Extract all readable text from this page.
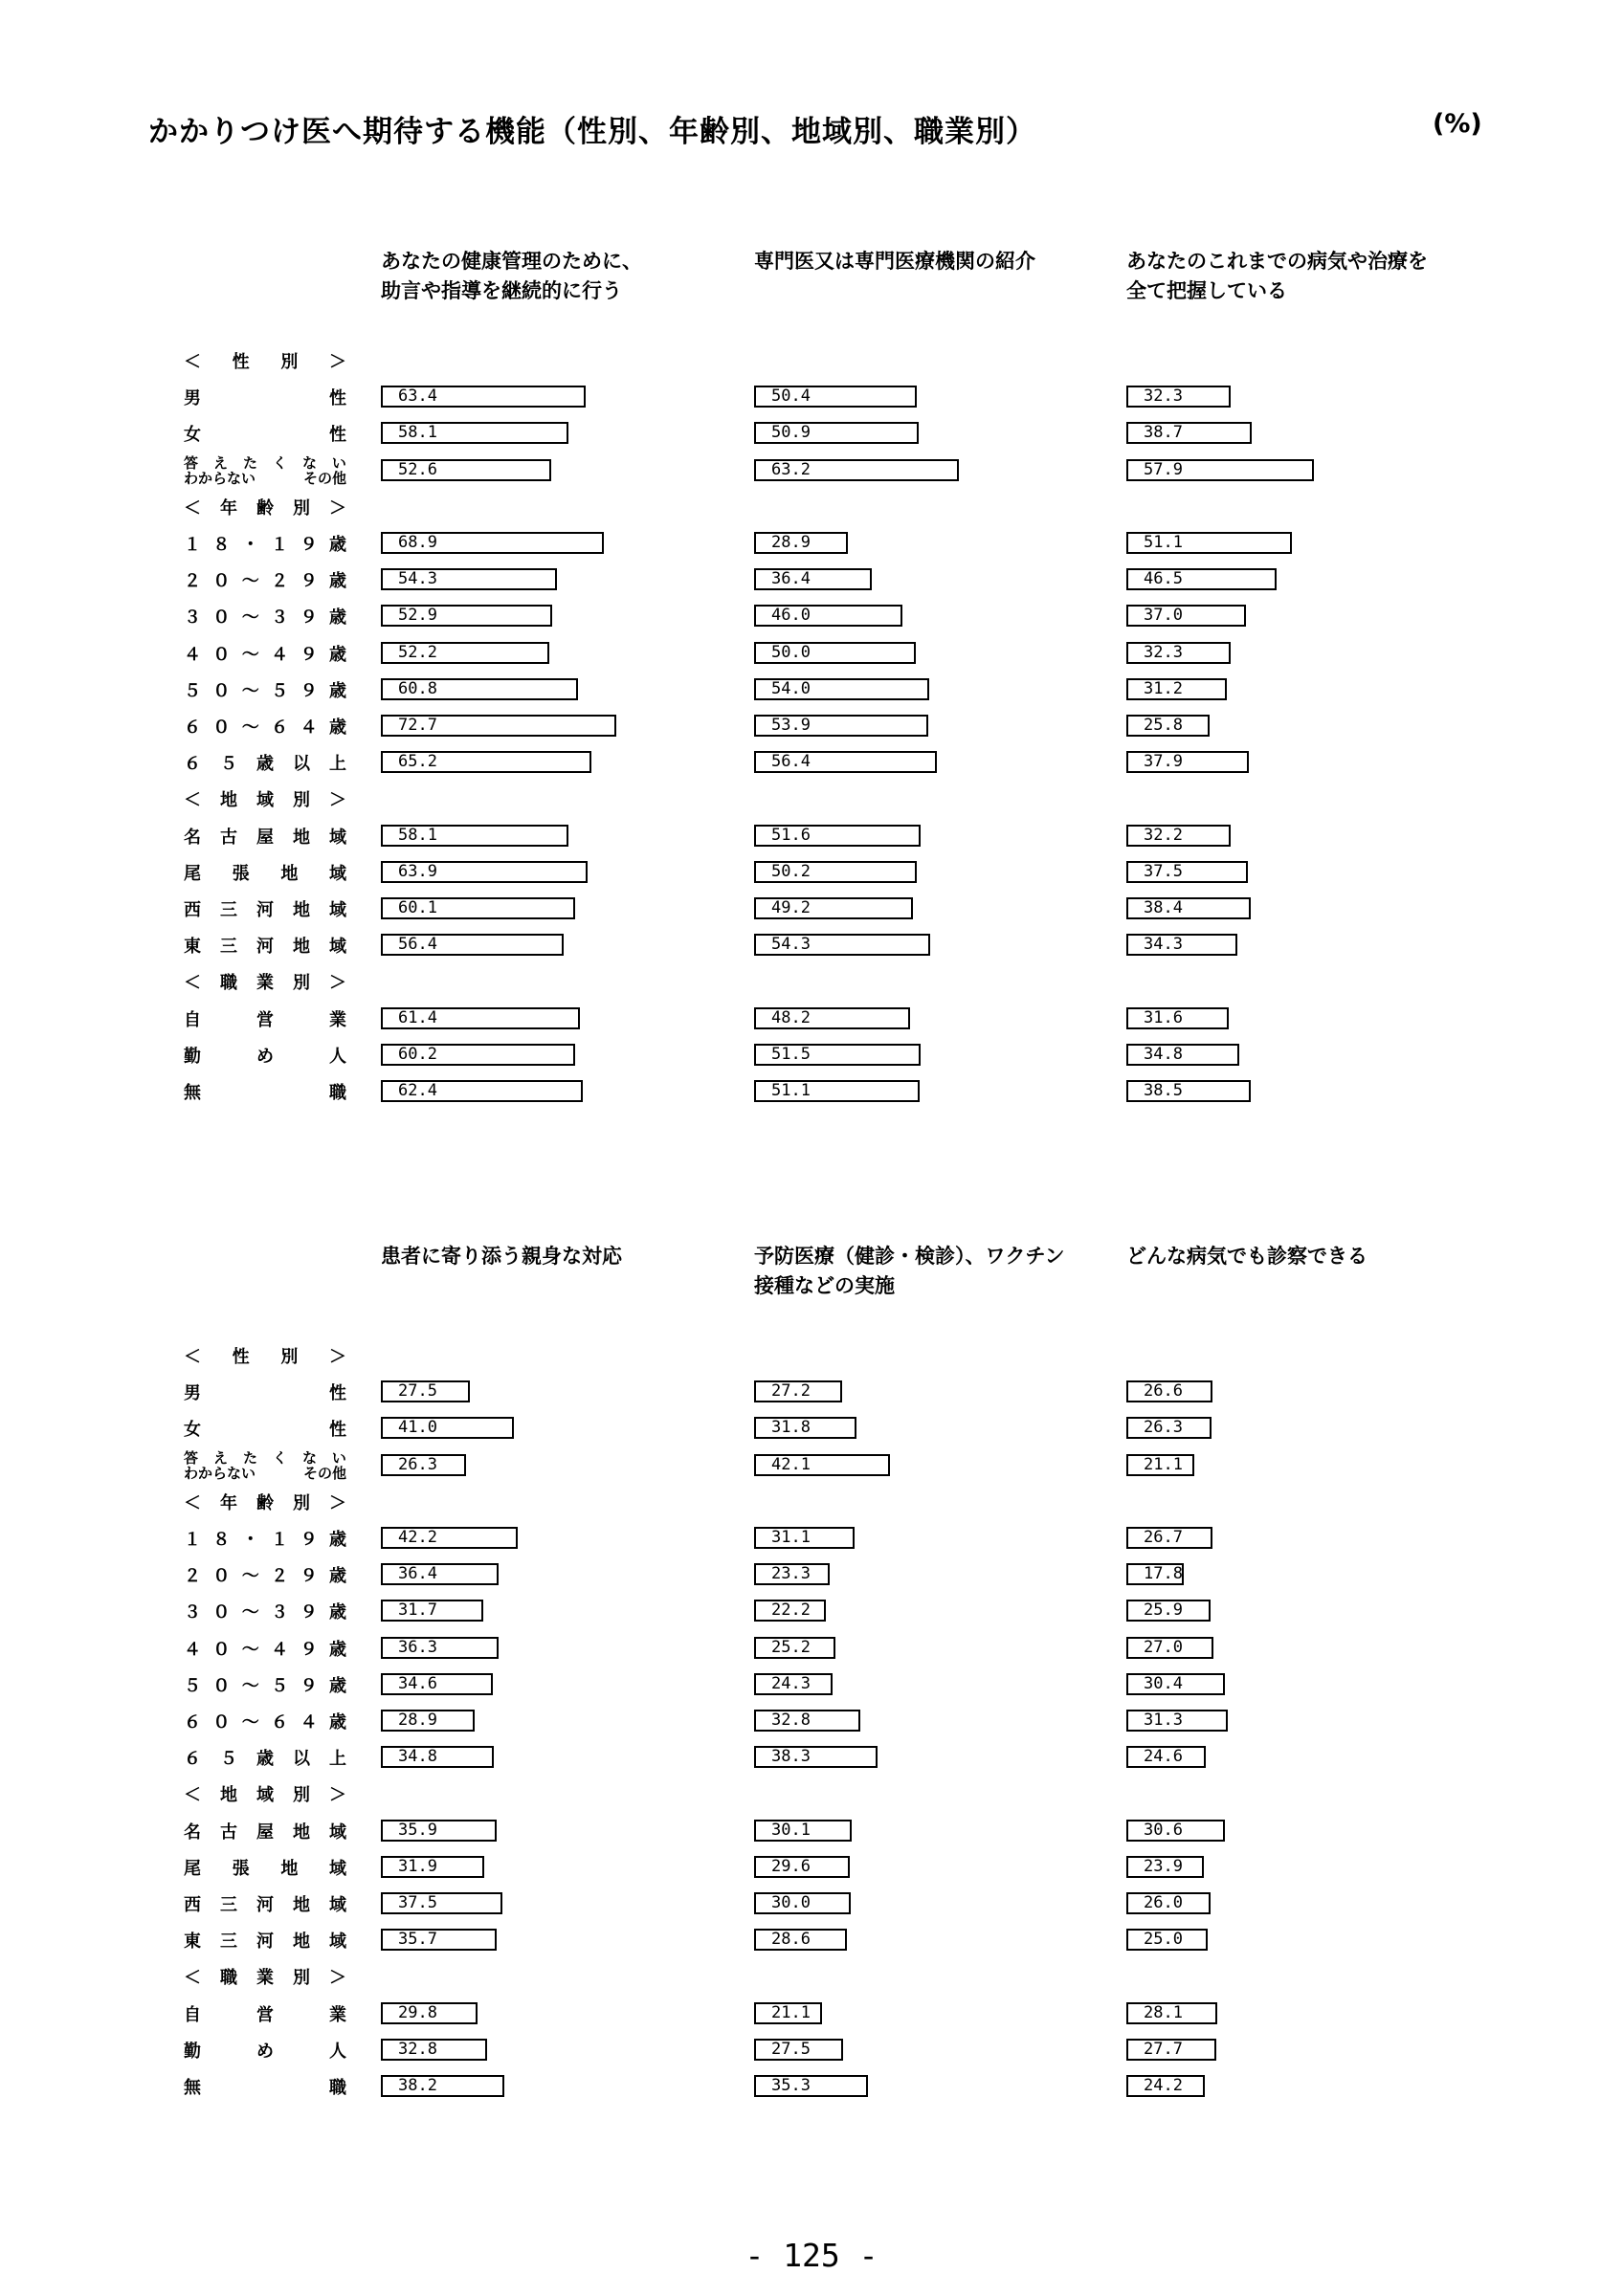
かかりつけ医へ期待する機能（性別、年齢別、地域別、職業別）	(%)
あなたの健康管理のために、
助言や指導を継続的に行う
専門医又は専門医療機関の紹介	あなたのこれまでの病気や治療を
全て把握している
＜ 性 別 ＞
男	性	63.4	50.4	32.3
女	性	58.1	50.9	38.7
答 え た く な い
わからない	その他	52.6	63.2	57.9
＜ 年 齢 別 ＞
１ ８ ・ １ ９ 歳	68.9	28.9	51.1
２ ０ ～ ２ ９ 歳	54.3	36.4	46.5
３ ０ ～ ３ ９ 歳	52.9	46.0	37.0
４ ０ ～ ４ ９ 歳	52.2	50.0	32.3
５ ０ ～ ５ ９ 歳	60.8	54.0	31.2
６ ０ ～ ６ ４ 歳	72.7	53.9	25.8
６ ５ 歳 以 上	65.2	56.4	37.9
＜ 地 域 別 ＞
名 古 屋 地 域	58.1	51.6	32.2
尾 張 地 域	63.9	50.2	37.5
西 三 河 地 域	60.1	49.2	38.4
東 三 河 地 域	56.4	54.3	34.3
＜ 職 業 別 ＞
自	営	業	61.4	48.2	31.6
勤	め	人	60.2	51.5	34.8
無	職	62.4	51.1	38.5
患者に寄り添う親身な対応	予防医療（健診・検診）、ワクチン
接種などの実施
どんな病気でも診察できる
＜ 性 別 ＞
男	性	27.5	27.2	26.6
女	性	41.0	31.8	26.3
答 え た く な い
わからない	その他	26.3	42.1	21.1
＜ 年 齢 別 ＞
１ ８ ・ １ ９ 歳	42.2	31.1	26.7
２ ０ ～ ２ ９ 歳	36.4	23.3	17.8
３ ０ ～ ３ ９ 歳	31.7	22.2	25.9
４ ０ ～ ４ ９ 歳	36.3	25.2	27.0
５ ０ ～ ５ ９ 歳	34.6	24.3	30.4
６ ０ ～ ６ ４ 歳	28.9	32.8	31.3
６ ５ 歳 以 上	34.8	38.3	24.6
＜ 地 域 別 ＞
名 古 屋 地 域	35.9	30.1	30.6
尾 張 地 域	31.9	29.6	23.9
西 三 河 地 域	37.5	30.0	26.0
東 三 河 地 域	35.7	28.6	25.0
＜ 職 業 別 ＞
自	営	業	29.8	21.1	28.1
勤	め	人	32.8	27.5	27.7
無	職	38.2	35.3	24.2
- 125 -
